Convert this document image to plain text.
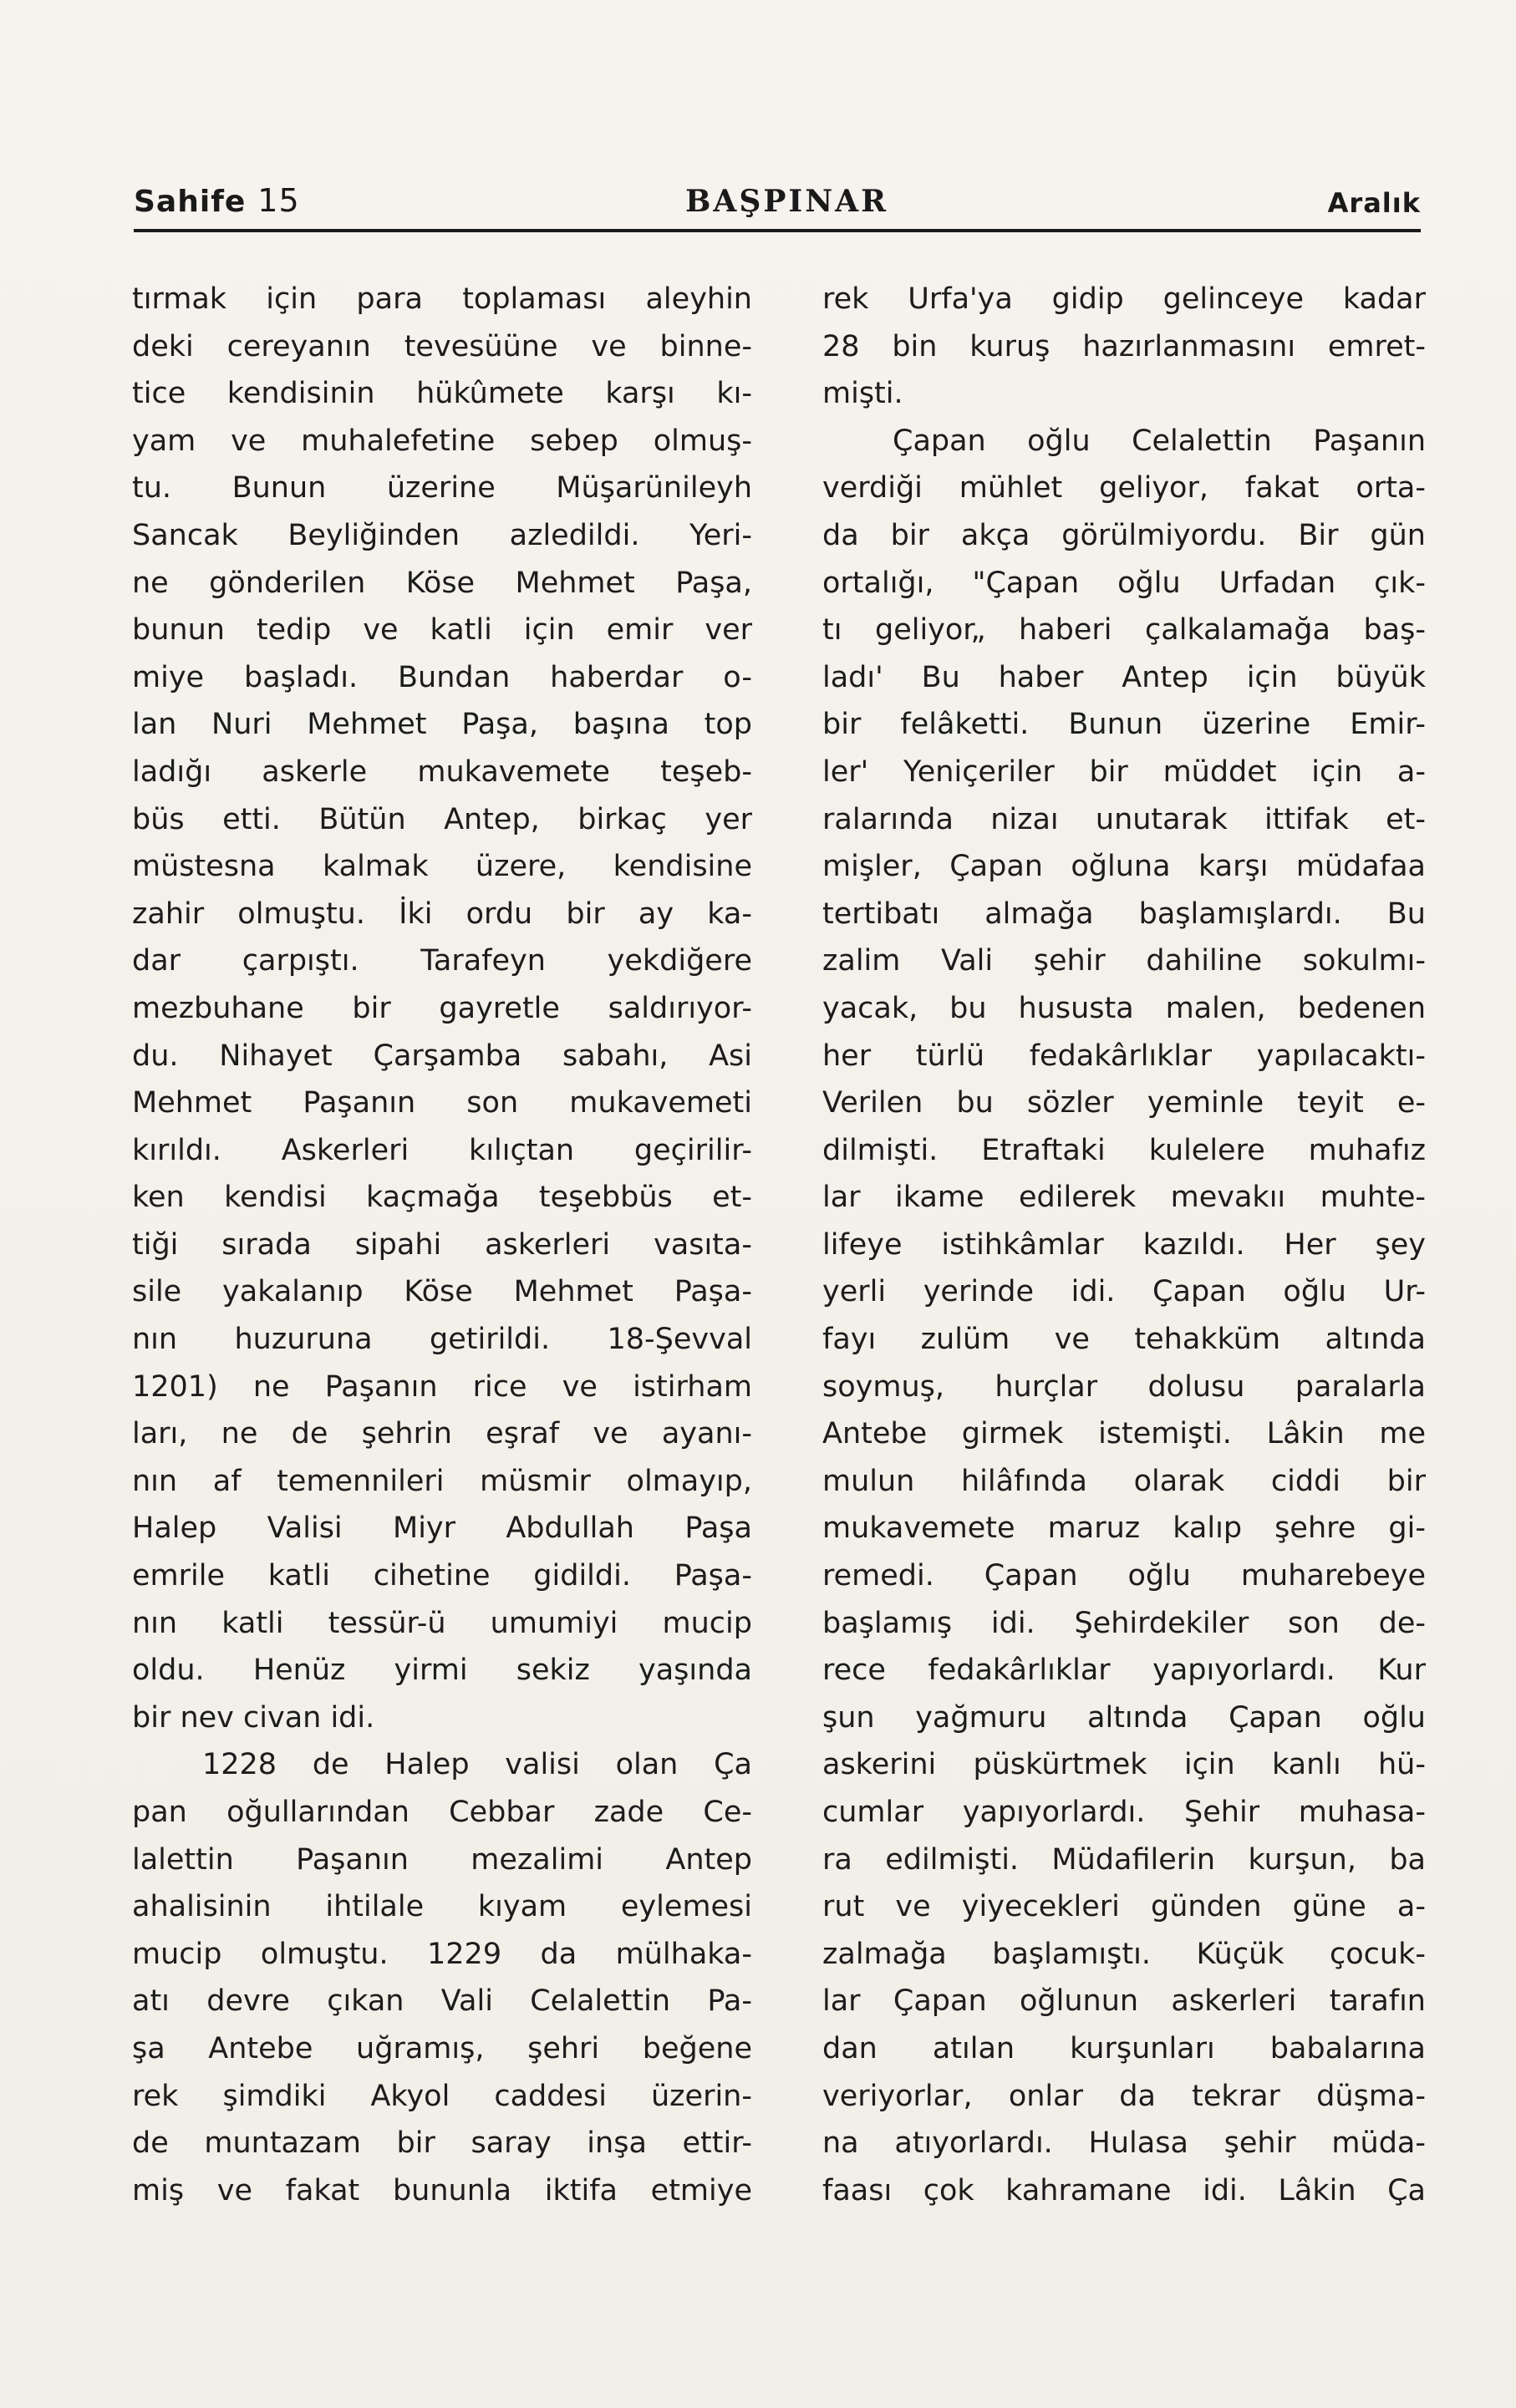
Sahife 15	BAŞPINAR	Aralık
tırmak için para toplaması aleyhin
deki cereyanın tevesüüne ve binne-
tice kendisinin hükûmete karşı kı-
yam ve muhalefetine sebep olmuş-
tu. Bunun üzerine Müşarünileyh
Sancak Beyliğinden azledildi. Yeri-
ne gönderilen Köse Mehmet Paşa,
bunun tedip ve katli için emir ver
miye başladı. Bundan haberdar o-
lan Nuri Mehmet Paşa, başına top
ladığı askerle mukavemete teşeb-
büs etti. Bütün Antep, birkaç yer
müstesna kalmak üzere, kendisine
zahir olmuştu. İki ordu bir ay ka-
dar çarpıştı. Tarafeyn yekdiğere
mezbuhane bir gayretle saldırıyor-
du. Nihayet Çarşamba sabahı, Asi
Mehmet Paşanın son mukavemeti
kırıldı. Askerleri kılıçtan geçirilir-
ken kendisi kaçmağa teşebbüs et-
tiği sırada sipahi askerleri vasıta-
sile yakalanıp Köse Mehmet Paşa-
nın huzuruna getirildi. 18-Şevval
1201) ne Paşanın rice ve istirham
ları, ne de şehrin eşraf ve ayanı-
nın af temennileri müsmir olmayıp,
Halep Valisi Miyr Abdullah Paşa
emrile katli cihetine gidildi. Paşa-
nın katli tessür-ü umumiyi mucip
oldu. Henüz yirmi sekiz yaşında
bir nev civan idi.
1228 de Halep valisi olan Ça
pan oğullarından Cebbar zade Ce-
lalettin Paşanın mezalimi Antep
ahalisinin ihtilale kıyam eylemesi
mucip olmuştu. 1229 da mülhaka-
atı devre çıkan Vali Celalettin Pa-
şa Antebe uğramış, şehri beğene
rek şimdiki Akyol caddesi üzerin-
de muntazam bir saray inşa ettir-
miş ve fakat bununla iktifa etmiye
rek Urfa'ya gidip gelinceye kadar
28 bin kuruş hazırlanmasını emret-
mişti.
Çapan oğlu Celalettin Paşanın
verdiği mühlet geliyor, fakat orta-
da bir akça görülmiyordu. Bir gün
ortalığı, "Çapan oğlu Urfadan çık-
tı geliyor„ haberi çalkalamağa baş-
ladı' Bu haber Antep için büyük
bir felâketti. Bunun üzerine Emir-
ler' Yeniçeriler bir müddet için a-
ralarında nizaı unutarak ittifak et-
mişler, Çapan oğluna karşı müdafaa
tertibatı almağa başlamışlardı. Bu
zalim Vali şehir dahiline sokulmı-
yacak, bu hususta malen, bedenen
her türlü fedakârlıklar yapılacaktı-
Verilen bu sözler yeminle teyit e-
dilmişti. Etraftaki kulelere muhafız
lar ikame edilerek mevakıı muhte-
lifeye istihkâmlar kazıldı. Her şey
yerli yerinde idi. Çapan oğlu Ur-
fayı zulüm ve tehakküm altında
soymuş, hurçlar dolusu paralarla
Antebe girmek istemişti. Lâkin me
mulun hilâfında olarak ciddi bir
mukavemete maruz kalıp şehre gi-
remedi. Çapan oğlu muharebeye
başlamış idi. Şehirdekiler son de-
rece fedakârlıklar yapıyorlardı. Kur
şun yağmuru altında Çapan oğlu
askerini püskürtmek için kanlı hü-
cumlar yapıyorlardı. Şehir muhasa-
ra edilmişti. Müdafilerin kurşun, ba
rut ve yiyecekleri günden güne a-
zalmağa başlamıştı. Küçük çocuk-
lar Çapan oğlunun askerleri tarafın
dan atılan kurşunları babalarına
veriyorlar, onlar da tekrar düşma-
na atıyorlardı. Hulasa şehir müda-
faası çok kahramane idi. Lâkin Ça
